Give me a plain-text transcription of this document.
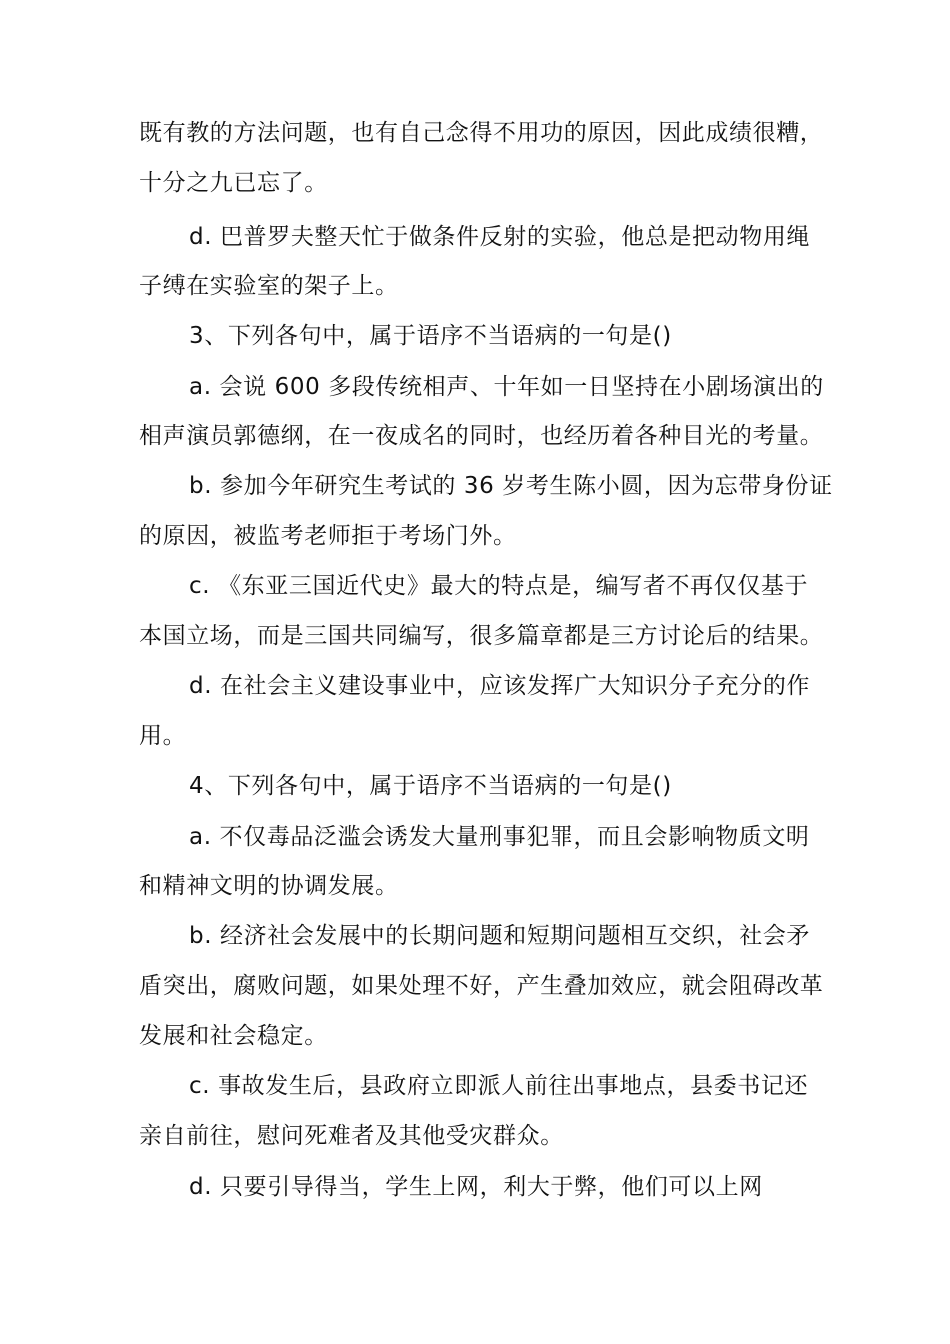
既有教的方法问题，也有自己念得不用功的原因，因此成绩很糟，
十分之九已忘了。
d. 巴普罗夫整天忙于做条件反射的实验，他总是把动物用绳
子缚在实验室的架子上。
3、下列各句中，属于语序不当语病的一句是()
a. 会说 600 多段传统相声、十年如一日坚持在小剧场演出的
相声演员郭德纲，在一夜成名的同时，也经历着各种目光的考量。
b. 参加今年研究生考试的 36 岁考生陈小圆，因为忘带身份证
的原因，被监考老师拒于考场门外。
c. 《东亚三国近代史》最大的特点是，编写者不再仅仅基于
本国立场，而是三国共同编写，很多篇章都是三方讨论后的结果。
d. 在社会主义建设事业中，应该发挥广大知识分子充分的作
用。
4、下列各句中，属于语序不当语病的一句是()
a. 不仅毒品泛滥会诱发大量刑事犯罪，而且会影响物质文明
和精神文明的协调发展。
b. 经济社会发展中的长期问题和短期问题相互交织，社会矛
盾突出，腐败问题，如果处理不好，产生叠加效应，就会阻碍改革
发展和社会稳定。
c. 事故发生后，县政府立即派人前往出事地点，县委书记还
亲自前往，慰问死难者及其他受灾群众。
d. 只要引导得当，学生上网，利大于弊，他们可以上网
